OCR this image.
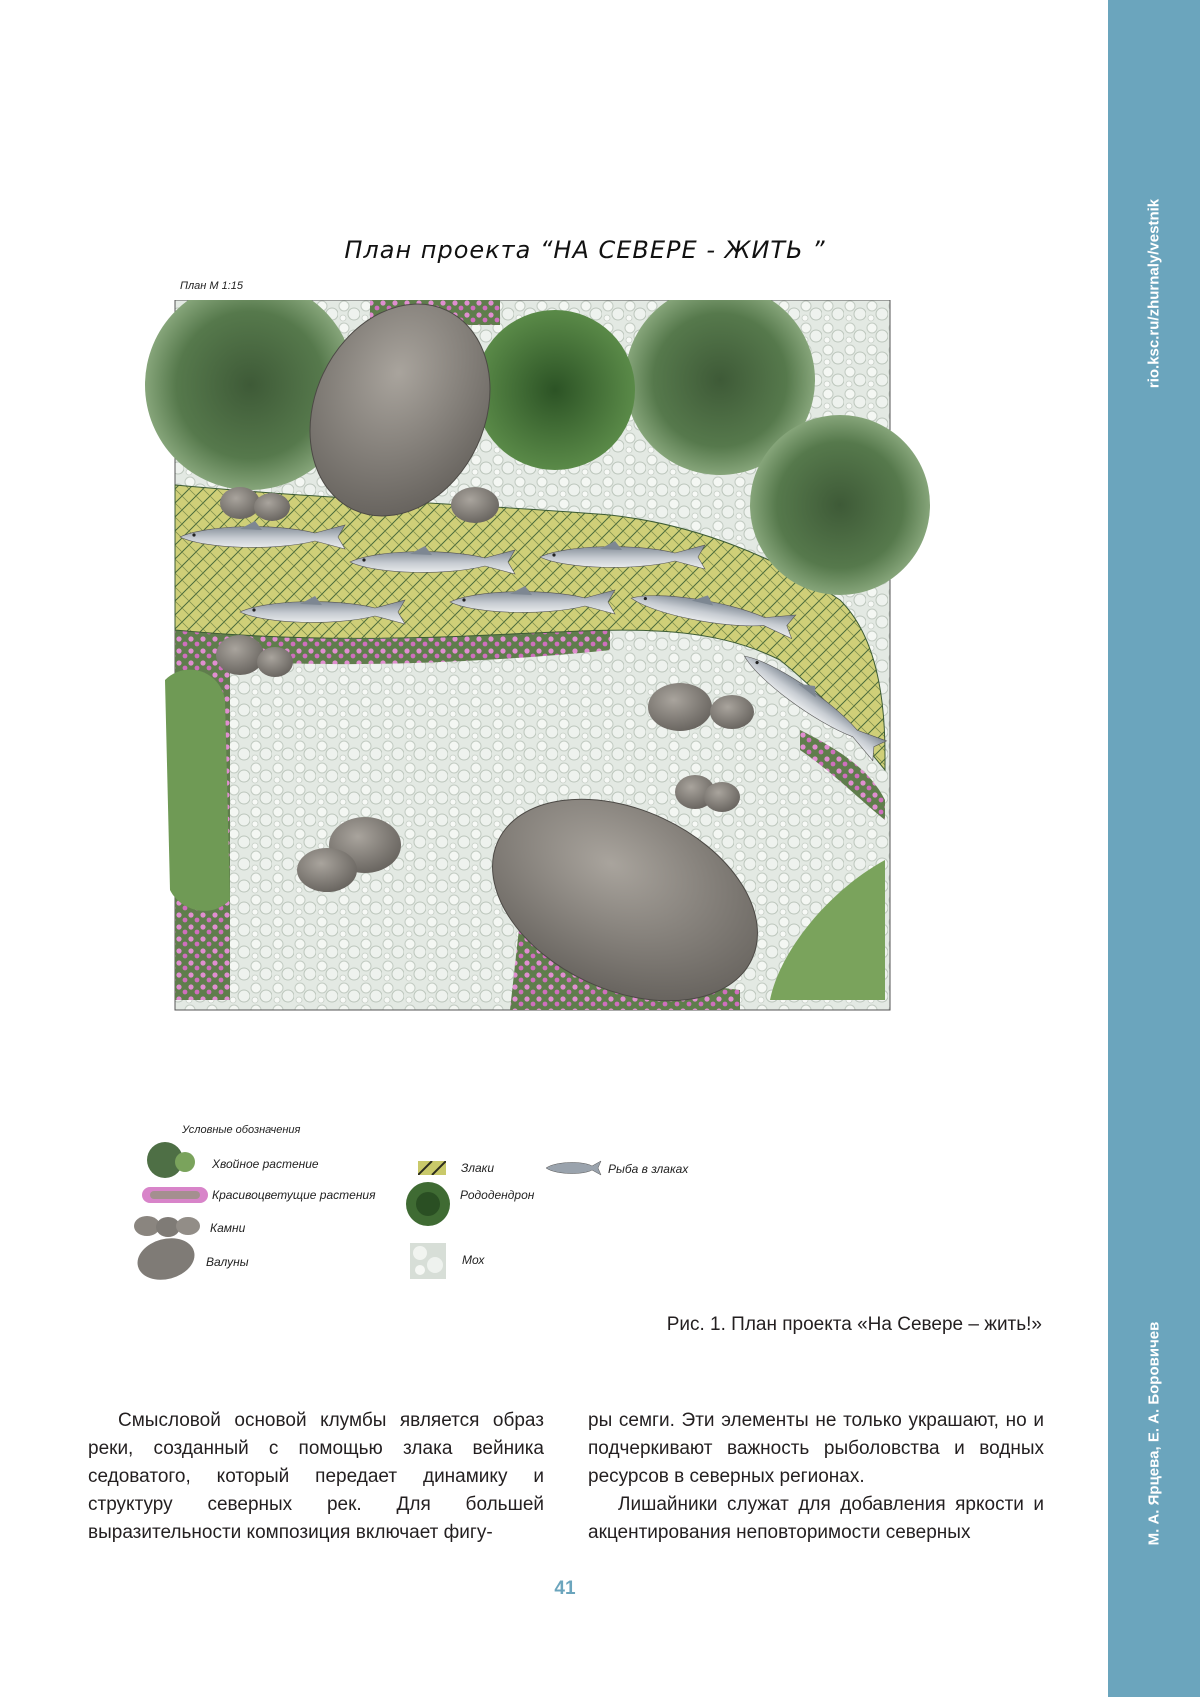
rio.ksc.ru/zhurnaly/vestnik
М. А. Ярцева, Е. А. Боровичев
План проекта “НА СЕВЕРЕ - ЖИТЬ ”
План М 1:15
Условные обозначения
Хвойное растение
Красивоцветущие растения
Камни
Валуны
Злаки
Рододендрон
Мох
Рыба в злаках
Рис. 1. План проекта «На Севере – жить!»

Смысловой основой клумбы является образ реки, созданный с помощью злака вейника седоватого, который передает динамику и структуру северных рек. Для большей выразительности композиция включает фигу-

ры семги. Эти элементы не только украшают, но и подчеркивают важность рыболовства и водных ресурсов в северных регионах.

Лишайники служат для добавления яркости и акцентирования неповторимости северных

41
